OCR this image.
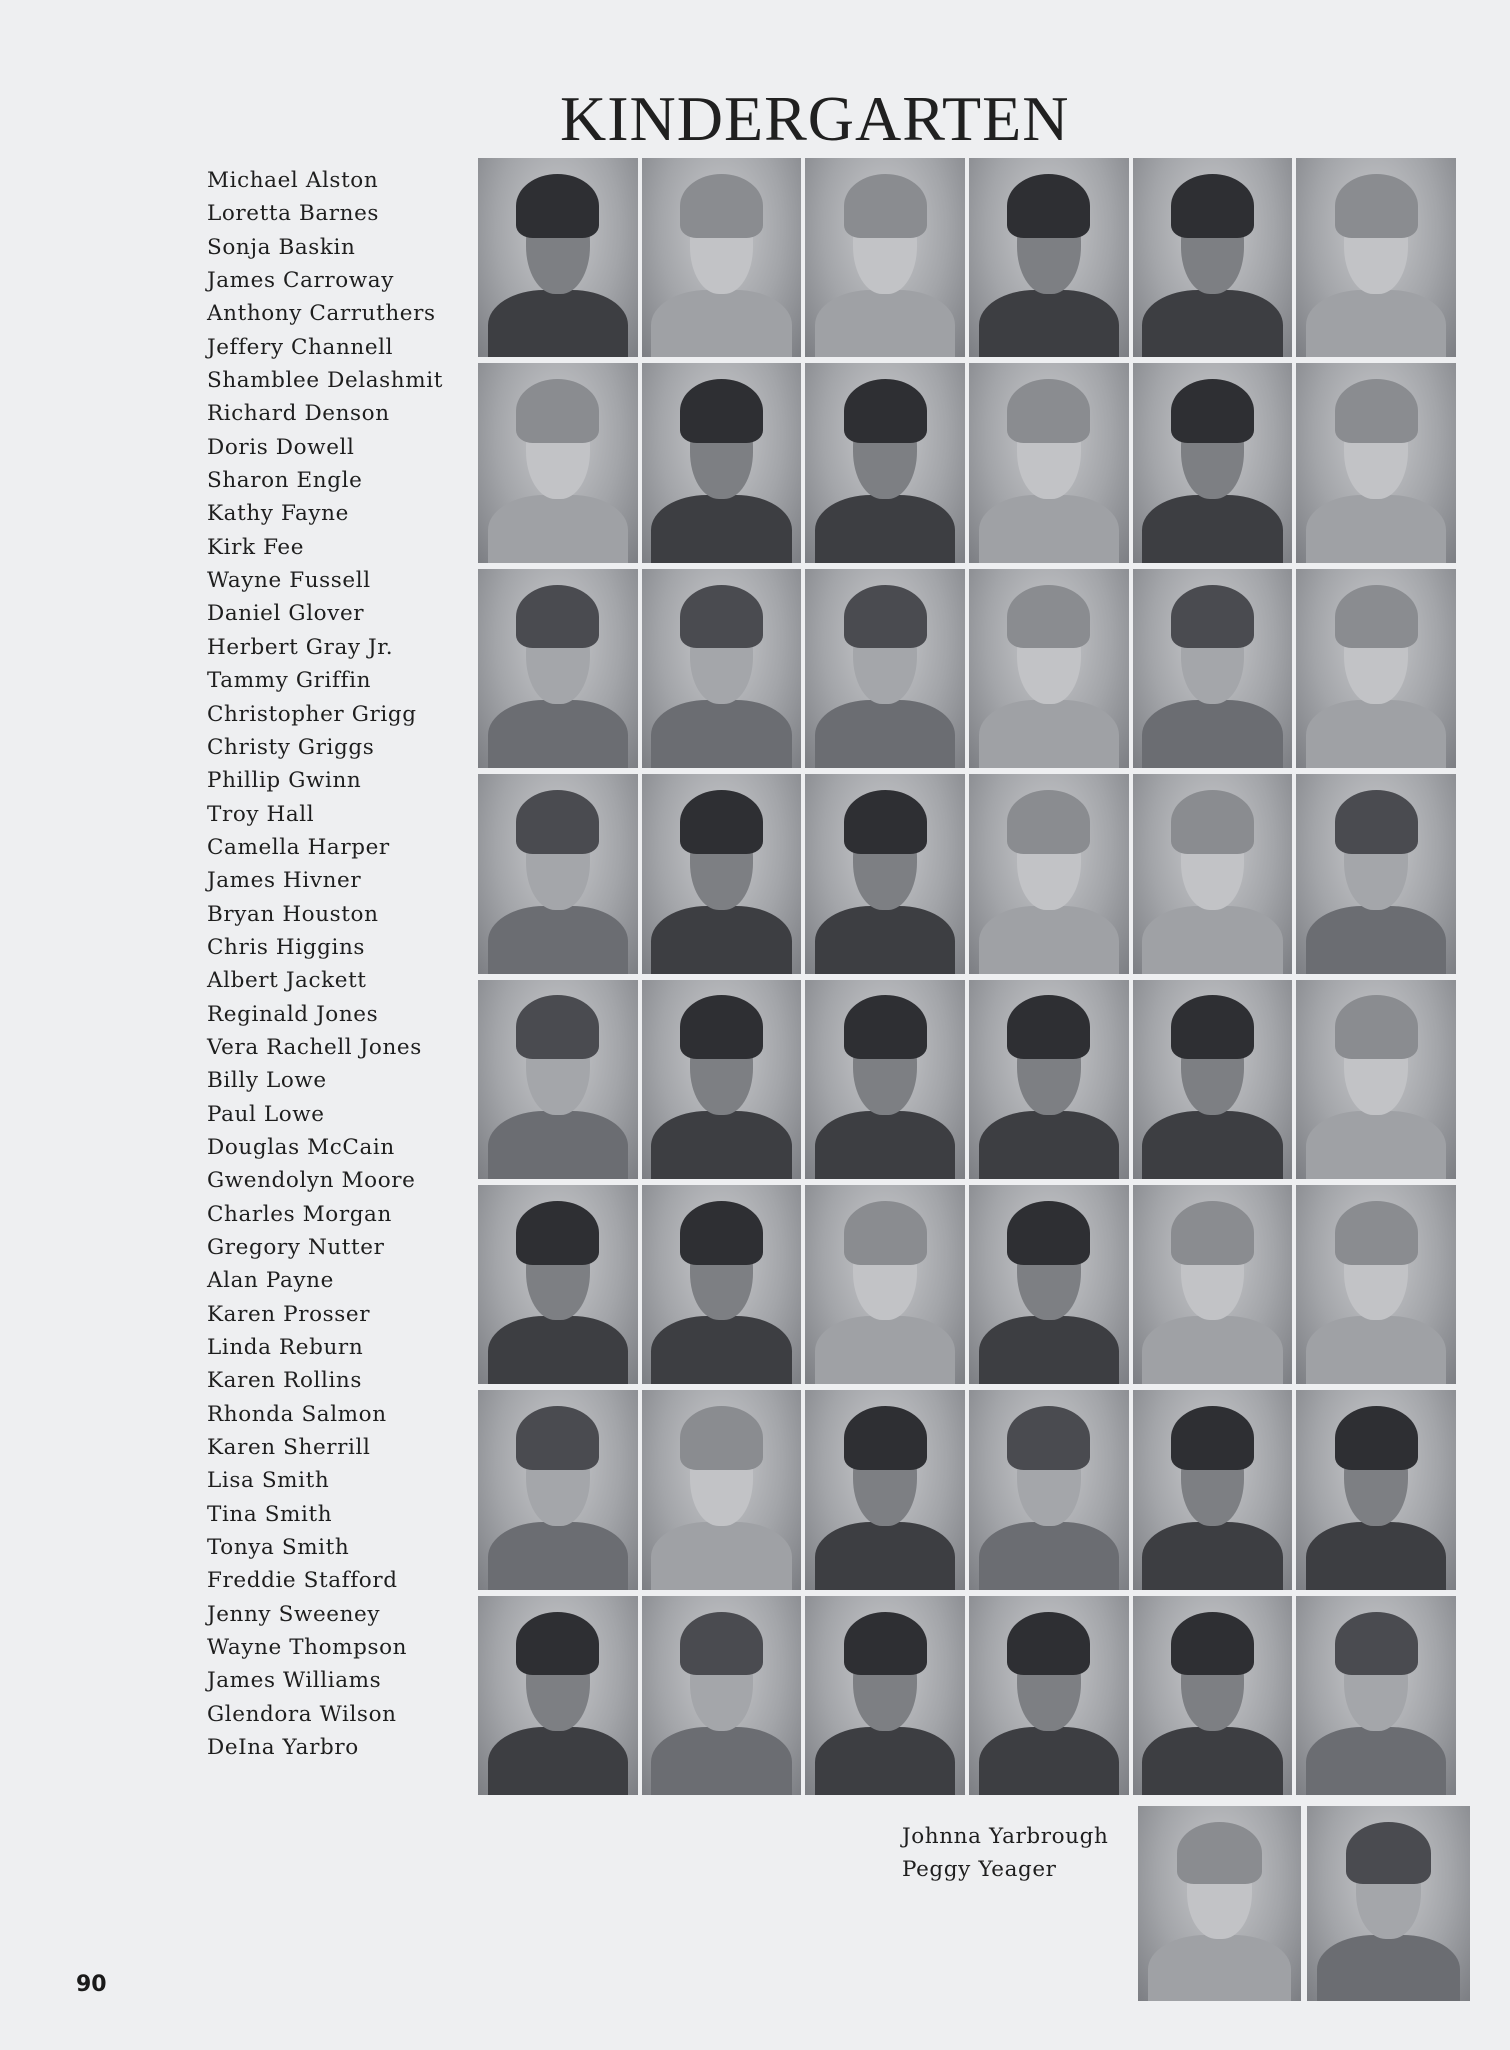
KINDERGARTEN
Michael Alston
Loretta Barnes
Sonja Baskin
James Carroway
Anthony Carruthers
Jeffery Channell
Shamblee Delashmit
Richard Denson
Doris Dowell
Sharon Engle
Kathy Fayne
Kirk Fee
Wayne Fussell
Daniel Glover
Herbert Gray Jr.
Tammy Griffin
Christopher Grigg
Christy Griggs
Phillip Gwinn
Troy Hall
Camella Harper
James Hivner
Bryan Houston
Chris Higgins
Albert Jackett
Reginald Jones
Vera Rachell Jones
Billy Lowe
Paul Lowe
Douglas McCain
Gwendolyn Moore
Charles Morgan
Gregory Nutter
Alan Payne
Karen Prosser
Linda Reburn
Karen Rollins
Rhonda Salmon
Karen Sherrill
Lisa Smith
Tina Smith
Tonya Smith
Freddie Stafford
Jenny Sweeney
Wayne Thompson
James Williams
Glendora Wilson
DeIna Yarbro
Johnna Yarbrough
Peggy Yeager
90
